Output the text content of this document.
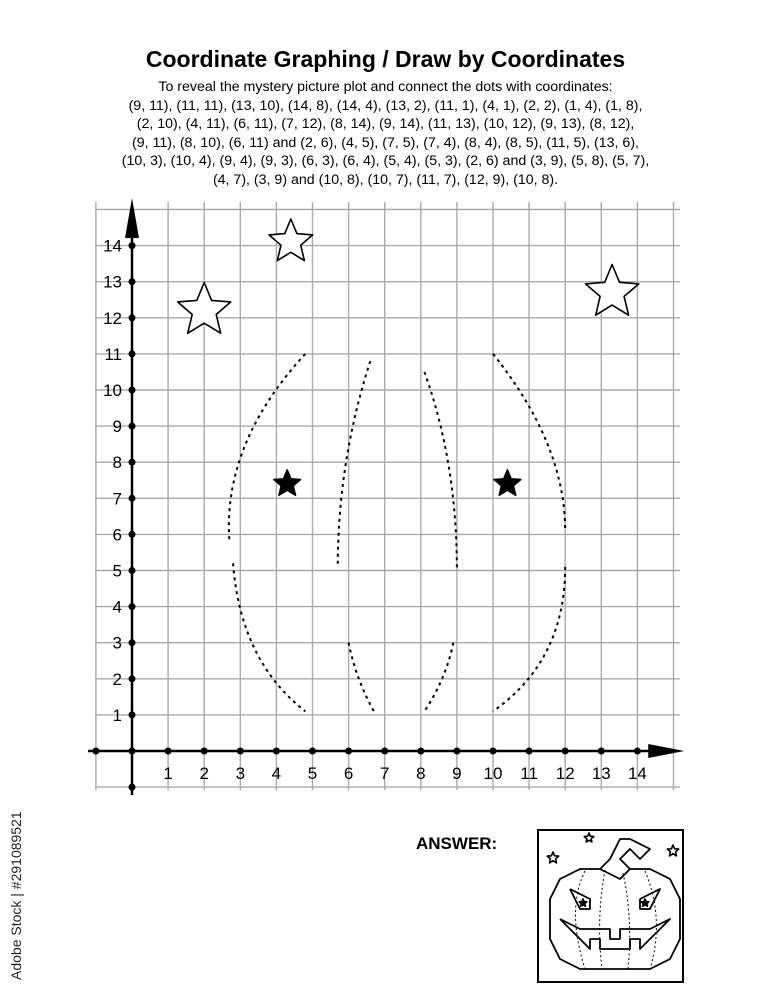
Coordinate Graphing / Draw by Coordinates
To reveal the mystery picture plot and connect the dots with coordinates:
(9, 11), (11, 11), (13, 10), (14, 8), (14, 4), (13, 2), (11, 1), (4, 1), (2, 2), (1, 4), (1, 8),
(2, 10), (4, 11), (6, 11), (7, 12), (8, 14), (9, 14), (11, 13), (10, 12), (9, 13), (8, 12),
(9, 11), (8, 10), (6, 11) and (2, 6), (4, 5), (7, 5), (7, 4), (8, 4), (8, 5), (11, 5), (13, 6),
(10, 3), (10, 4), (9, 4), (9, 3), (6, 3), (6, 4), (5, 4), (5, 3), (2, 6) and (3, 9), (5, 8), (5, 7),
(4, 7), (3, 9) and (10, 8), (10, 7), (11, 7), (12, 9), (10, 8).
1 2 3 4 5 6 7 8 9 10 11 12 13 14
1
2
3
4
5
6
7
8
9
10
11
12
13
14
ANSWER:
Adobe Stock | #291089521
